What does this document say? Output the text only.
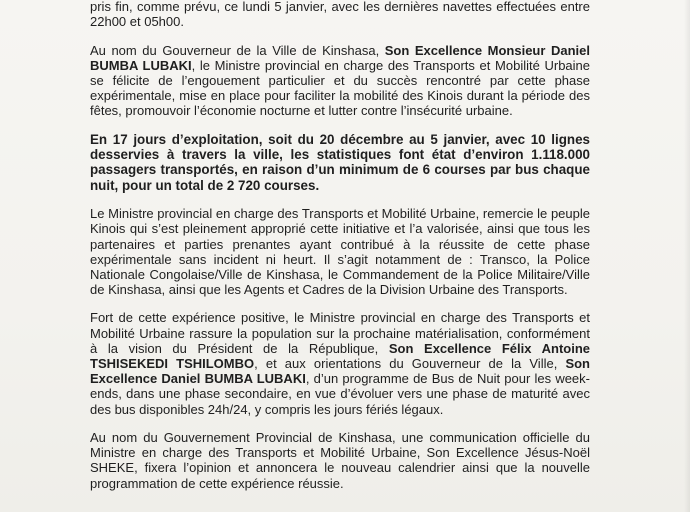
pris fin, comme prévu, ce lundi 5 janvier, avec les dernières navettes effectuées entre 22h00 et 05h00.

Au nom du Gouverneur de la Ville de Kinshasa, Son Excellence Monsieur Daniel BUMBA LUBAKI, le Ministre provincial en charge des Transports et Mobilité Urbaine se félicite de l’engouement particulier et du succès rencontré par cette phase expérimentale, mise en place pour faciliter la mobilité des Kinois durant la période des fêtes, promouvoir l’économie nocturne et lutter contre l’insécurité urbaine.

En 17 jours d’exploitation, soit du 20 décembre au 5 janvier, avec 10 lignes desservies à travers la ville, les statistiques font état d’environ 1.118.000 passagers transportés, en raison d’un minimum de 6 courses par bus chaque nuit, pour un total de 2 720 courses.

Le Ministre provincial en charge des Transports et Mobilité Urbaine, remercie le peuple Kinois qui s’est pleinement approprié cette initiative et l’a valorisée, ainsi que tous les partenaires et parties prenantes ayant contribué à la réussite de cette phase expérimentale sans incident ni heurt. Il s’agit notamment de : Transco, la Police Nationale Congolaise/Ville de Kinshasa, le Commandement de la Police Militaire/Ville de Kinshasa, ainsi que les Agents et Cadres de la Division Urbaine des Transports.

Fort de cette expérience positive, le Ministre provincial en charge des Transports et Mobilité Urbaine rassure la population sur la prochaine matérialisation, conformément à la vision du Président de la République, Son Excellence Félix Antoine TSHISEKEDI TSHILOMBO, et aux orientations du Gouverneur de la Ville, Son Excellence Daniel BUMBA LUBAKI, d’un programme de Bus de Nuit pour les week-ends, dans une phase secondaire, en vue d’évoluer vers une phase de maturité avec des bus disponibles 24h/24, y compris les jours fériés légaux.

Au nom du Gouvernement Provincial de Kinshasa, une communication officielle du Ministre en charge des Transports et Mobilité Urbaine, Son Excellence Jésus-Noël SHEKE, fixera l’opinion et annoncera le nouveau calendrier ainsi que la nouvelle programmation de cette expérience réussie.
